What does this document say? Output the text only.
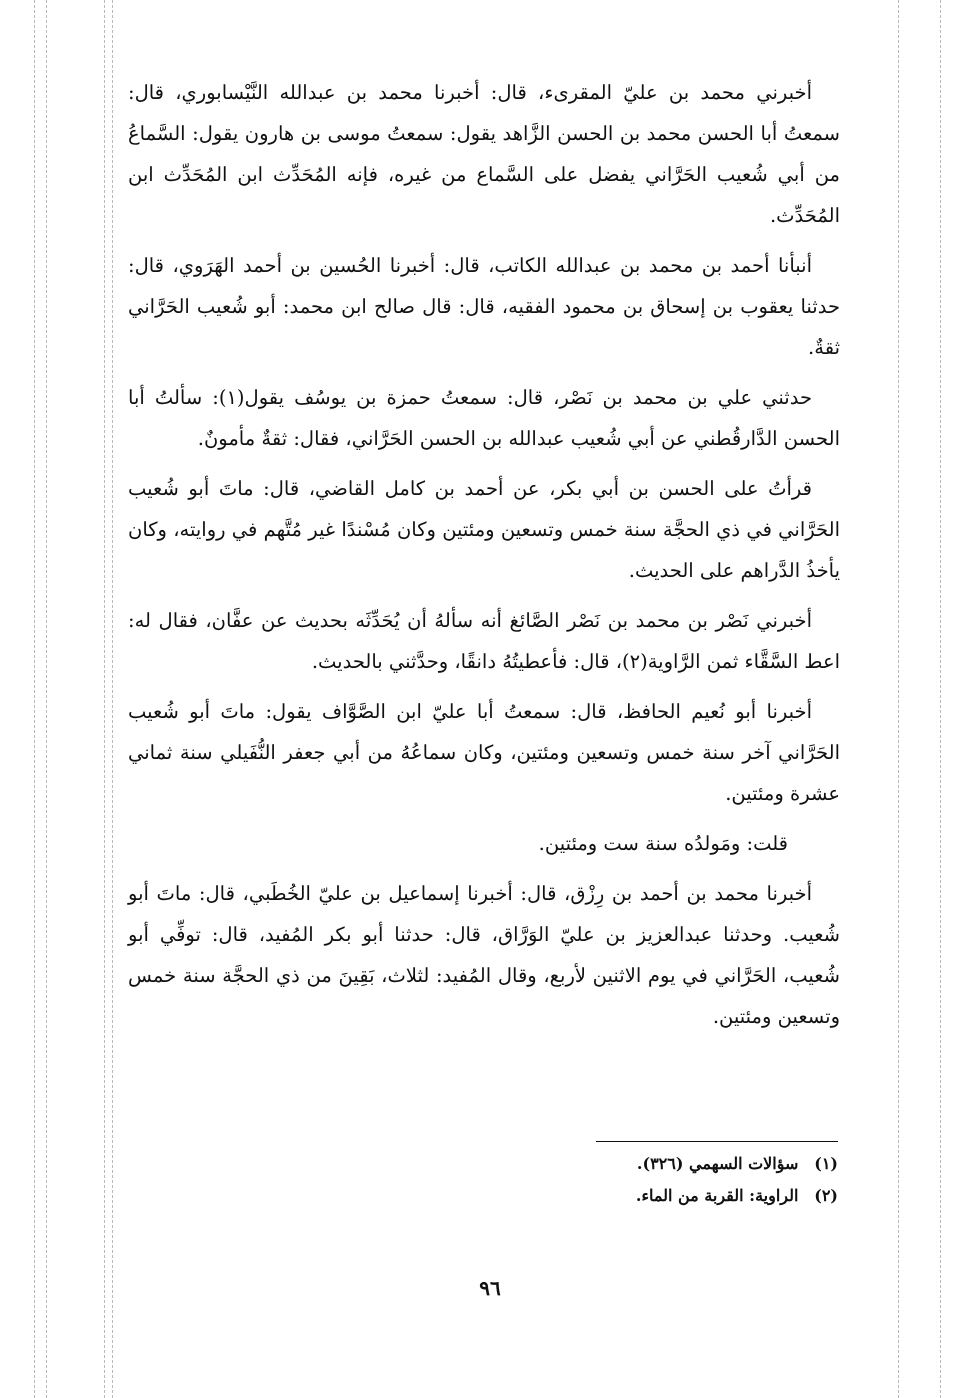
أخبرني محمد بن عليّ المقرىء، قال: أخبرنا محمد بن عبدالله النَّيْسابوري، قال: سمعتُ أبا الحسن محمد بن الحسن الزَّاهد يقول: سمعتُ موسى بن هارون يقول: السَّماعُ من أبي شُعيب الحَرَّاني يفضل على السَّماع من غيره، فإنه المُحَدِّث ابن المُحَدِّث ابن المُحَدِّث.

أنبأنا أحمد بن محمد بن عبدالله الكاتب، قال: أخبرنا الحُسين بن أحمد الهَرَوي، قال: حدثنا يعقوب بن إسحاق بن محمود الفقيه، قال: قال صالح ابن محمد: أبو شُعيب الحَرَّاني ثقةٌ.

حدثني علي بن محمد بن نَصْر، قال: سمعتُ حمزة بن يوسُف يقول(١): سألتُ أبا الحسن الدَّارقُطني عن أبي شُعيب عبدالله بن الحسن الحَرَّاني، فقال: ثقةٌ مأمونٌ.

قرأتُ على الحسن بن أبي بكر، عن أحمد بن كامل القاضي، قال: ماتَ أبو شُعيب الحَرَّاني في ذي الحجَّة سنة خمس وتسعين ومئتين وكان مُسْندًا غير مُتَّهم في روايته، وكان يأخذُ الدَّراهم على الحديث.

أخبرني نَصْر بن محمد بن نَصْر الصَّائغ أنه سألهُ أن يُحَدِّثَه بحديث عن عفَّان، فقال له: اعط السَّقَّاء ثمن الرَّاوية(٢)، قال: فأعطيتُهُ دانقًا، وحدَّثني بالحديث.

أخبرنا أبو نُعيم الحافظ، قال: سمعتُ أبا عليّ ابن الصَّوَّاف يقول: ماتَ أبو شُعيب الحَرَّاني آخر سنة خمس وتسعين ومئتين، وكان سماعُهُ من أبي جعفر النُّفَيلي سنة ثماني عشرة ومئتين.

قلت: ومَولدُه سنة ست ومئتين.

أخبرنا محمد بن أحمد بن رِزْق، قال: أخبرنا إسماعيل بن عليّ الخُطَبي، قال: ماتَ أبو شُعيب. وحدثنا عبدالعزيز بن عليّ الوَرَّاق، قال: حدثنا أبو بكر المُفيد، قال: توفِّي أبو شُعيب، الحَرَّاني في يوم الاثنين لأربع، وقال المُفيد: لثلاث، بَقِينَ من ذي الحجَّة سنة خمس وتسعين ومئتين.

(١) سؤالات السهمي (٣٢٦).
(٢) الراوية: القربة من الماء.
٩٦
